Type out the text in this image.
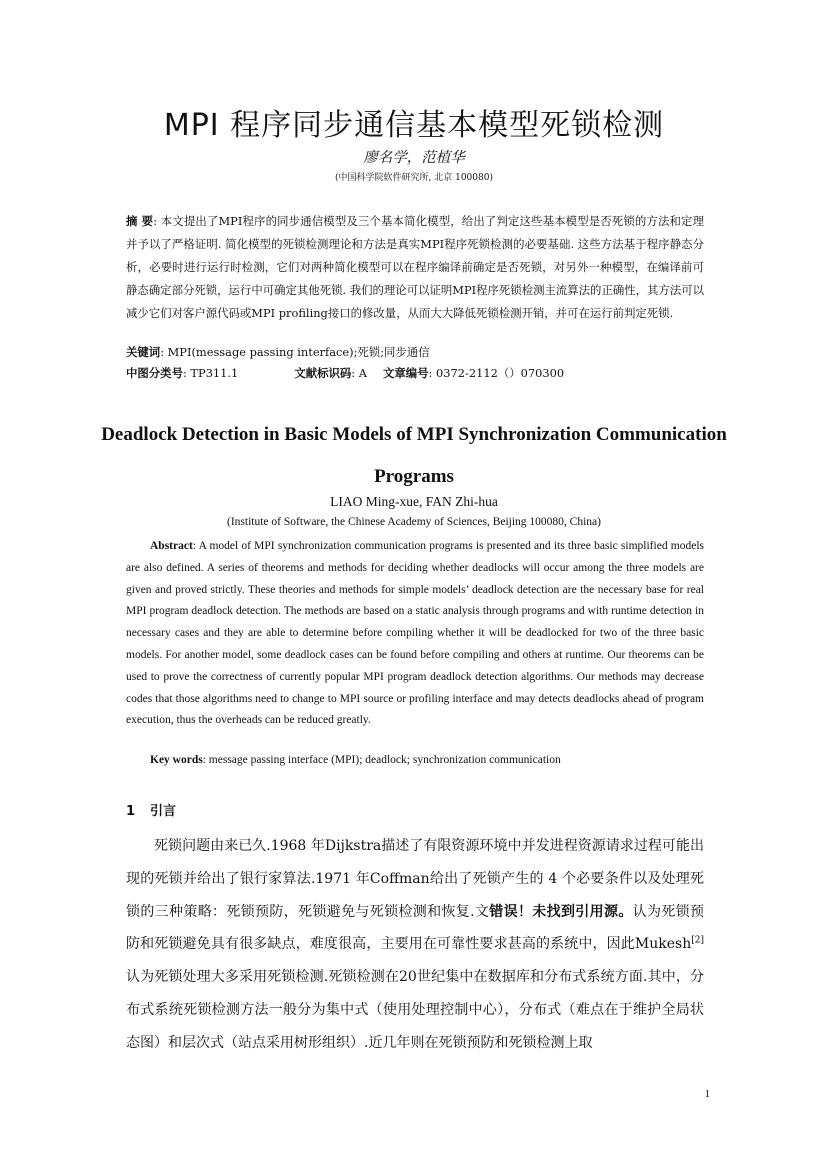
MPI 程序同步通信基本模型死锁检测
廖名学，范植华
(中国科学院软件研究所, 北京 100080)
摘 要: 本文提出了MPI程序的同步通信模型及三个基本简化模型，给出了判定这些基本模型是否死锁的方法和定理并予以了严格证明. 简化模型的死锁检测理论和方法是真实MPI程序死锁检测的必要基础. 这些方法基于程序静态分析，必要时进行运行时检测，它们对两种简化模型可以在程序编译前确定是否死锁，对另外一种模型，在编译前可静态确定部分死锁，运行中可确定其他死锁. 我们的理论可以证明MPI程序死锁检测主流算法的正确性，其方法可以减少它们对客户源代码或MPI profiling接口的修改量，从而大大降低死锁检测开销，并可在运行前判定死锁.
关键词: MPI(message passing interface);死锁;同步通信
中图分类号: TP311.1	文献标识码: A 文章编号: 0372-2112（）070300
Deadlock Detection in Basic Models of MPI Synchronization Communication Programs
LIAO Ming-xue, FAN Zhi-hua
(Institute of Software, the Chinese Academy of Sciences, Beijing 100080, China)
Abstract: A model of MPI synchronization communication programs is presented and its three basic simplified models are also defined. A series of theorems and methods for deciding whether deadlocks will occur among the three models are given and proved strictly. These theories and methods for simple models’ deadlock detection are the necessary base for real MPI program deadlock detection. The methods are based on a static analysis through programs and with runtime detection in necessary cases and they are able to determine before compiling whether it will be deadlocked for two of the three basic models. For another model, some deadlock cases can be found before compiling and others at runtime. Our theorems can be used to prove the correctness of currently popular MPI program deadlock detection algorithms. Our methods may decrease codes that those algorithms need to change to MPI source or profiling interface and may detects deadlocks ahead of program execution, thus the overheads can be reduced greatly.
Key words: message passing interface (MPI); deadlock; synchronization communication
1 引言
死锁问题由来已久.1968 年Dijkstra描述了有限资源环境中并发进程资源请求过程可能出现的死锁并给出了银行家算法.1971 年Coffman给出了死锁产生的 4 个必要条件以及处理死锁的三种策略：死锁预防，死锁避免与死锁检测和恢复.文错误！未找到引用源。认为死锁预防和死锁避免具有很多缺点，难度很高，主要用在可靠性要求甚高的系统中，因此Mukesh[2]认为死锁处理大多采用死锁检测.死锁检测在20世纪集中在数据库和分布式系统方面.其中，分布式系统死锁检测方法一般分为集中式（使用处理控制中心），分布式（难点在于维护全局状态图）和层次式（站点采用树形组织）.近几年则在死锁预防和死锁检测上取
1
